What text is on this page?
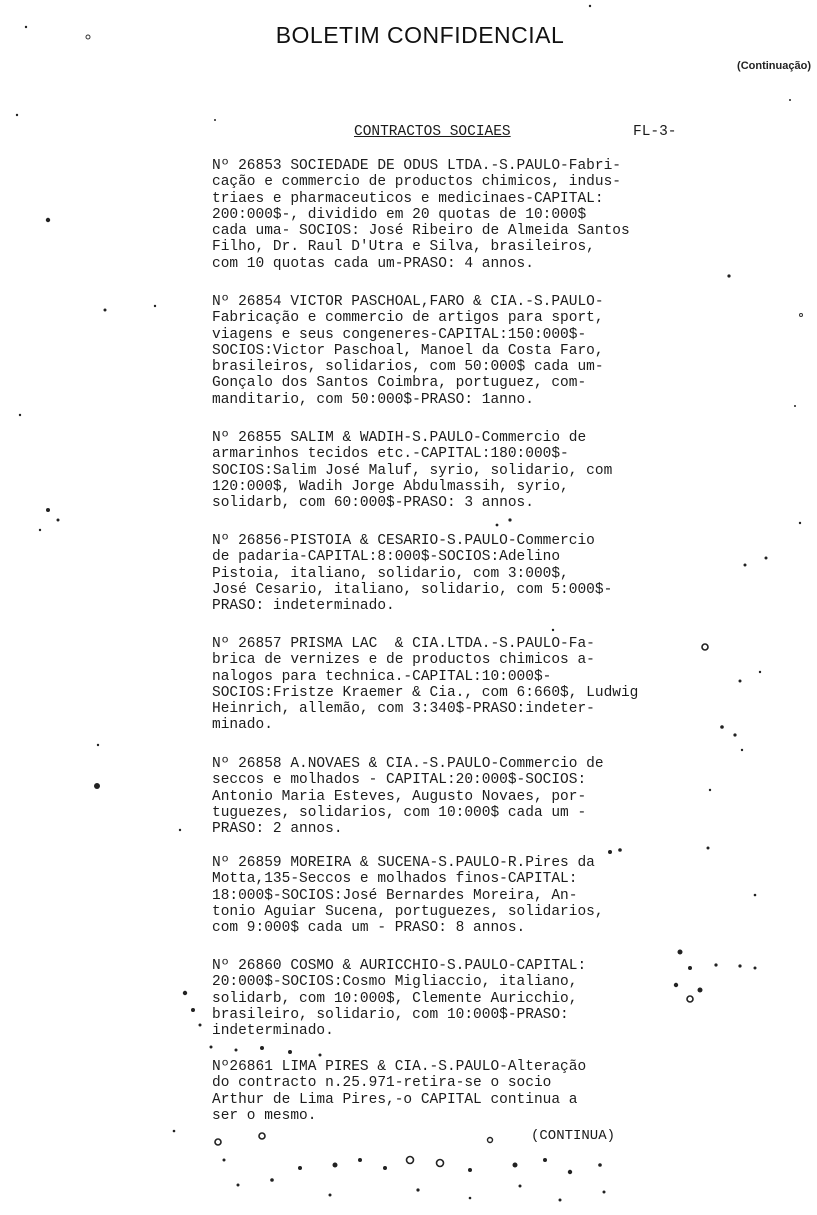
BOLETIM CONFIDENCIAL
(Continuação)
CONTRACTOS SOCIAES	FL-3-
Nº 26853 SOCIEDADE DE ODUS LTDA.-S.PAULO-Fabri-
cação e commercio de productos chimicos, indus-
triaes e pharmaceuticos e medicinaes-CAPITAL:
200:000$-, dividido em 20 quotas de 10:000$
cada uma- SOCIOS: José Ribeiro de Almeida Santos
Filho, Dr. Raul D'Utra e Silva, brasileiros,
com 10 quotas cada um-PRASO: 4 annos.
Nº 26854 VICTOR PASCHOAL,FARO & CIA.-S.PAULO-
Fabricação e commercio de artigos para sport,
viagens e seus congeneres-CAPITAL:150:000$-
SOCIOS:Victor Paschoal, Manoel da Costa Faro,
brasileiros, solidarios, com 50:000$ cada um-
Gonçalo dos Santos Coimbra, portuguez, com-
manditario, com 50:000$-PRASO: 1anno.
Nº 26855 SALIM & WADIH-S.PAULO-Commercio de
armarinhos tecidos etc.-CAPITAL:180:000$-
SOCIOS:Salim José Maluf, syrio, solidario, com
120:000$, Wadih Jorge Abdulmassih, syrio,
solidarb, com 60:000$-PRASO: 3 annos.
Nº 26856-PISTOIA & CESARIO-S.PAULO-Commercio
de padaria-CAPITAL:8:000$-SOCIOS:Adelino
Pistoia, italiano, solidario, com 3:000$,
José Cesario, italiano, solidario, com 5:000$-
PRASO: indeterminado.
Nº 26857 PRISMA LAC  & CIA.LTDA.-S.PAULO-Fa-
brica de vernizes e de productos chimicos a-
nalogos para technica.-CAPITAL:10:000$-
SOCIOS:Fristze Kraemer & Cia., com 6:660$, Ludwig
Heinrich, allemão, com 3:340$-PRASO:indeter-
minado.
Nº 26858 A.NOVAES & CIA.-S.PAULO-Commercio de
seccos e molhados - CAPITAL:20:000$-SOCIOS:
Antonio Maria Esteves, Augusto Novaes, por-
tuguezes, solidarios, com 10:000$ cada um -
PRASO: 2 annos.
Nº 26859 MOREIRA & SUCENA-S.PAULO-R.Pires da
Motta,135-Seccos e molhados finos-CAPITAL:
18:000$-SOCIOS:José Bernardes Moreira, An-
tonio Aguiar Sucena, portuguezes, solidarios,
com 9:000$ cada um - PRASO: 8 annos.
Nº 26860 COSMO & AURICCHIO-S.PAULO-CAPITAL:
20:000$-SOCIOS:Cosmo Migliaccio, italiano,
solidarb, com 10:000$, Clemente Auricchio,
brasileiro, solidario, com 10:000$-PRASO:
indeterminado.
Nº26861 LIMA PIRES & CIA.-S.PAULO-Alteração
do contracto n.25.971-retira-se o socio
Arthur de Lima Pires,-o CAPITAL continua a
ser o mesmo.
(CONTINUA)
